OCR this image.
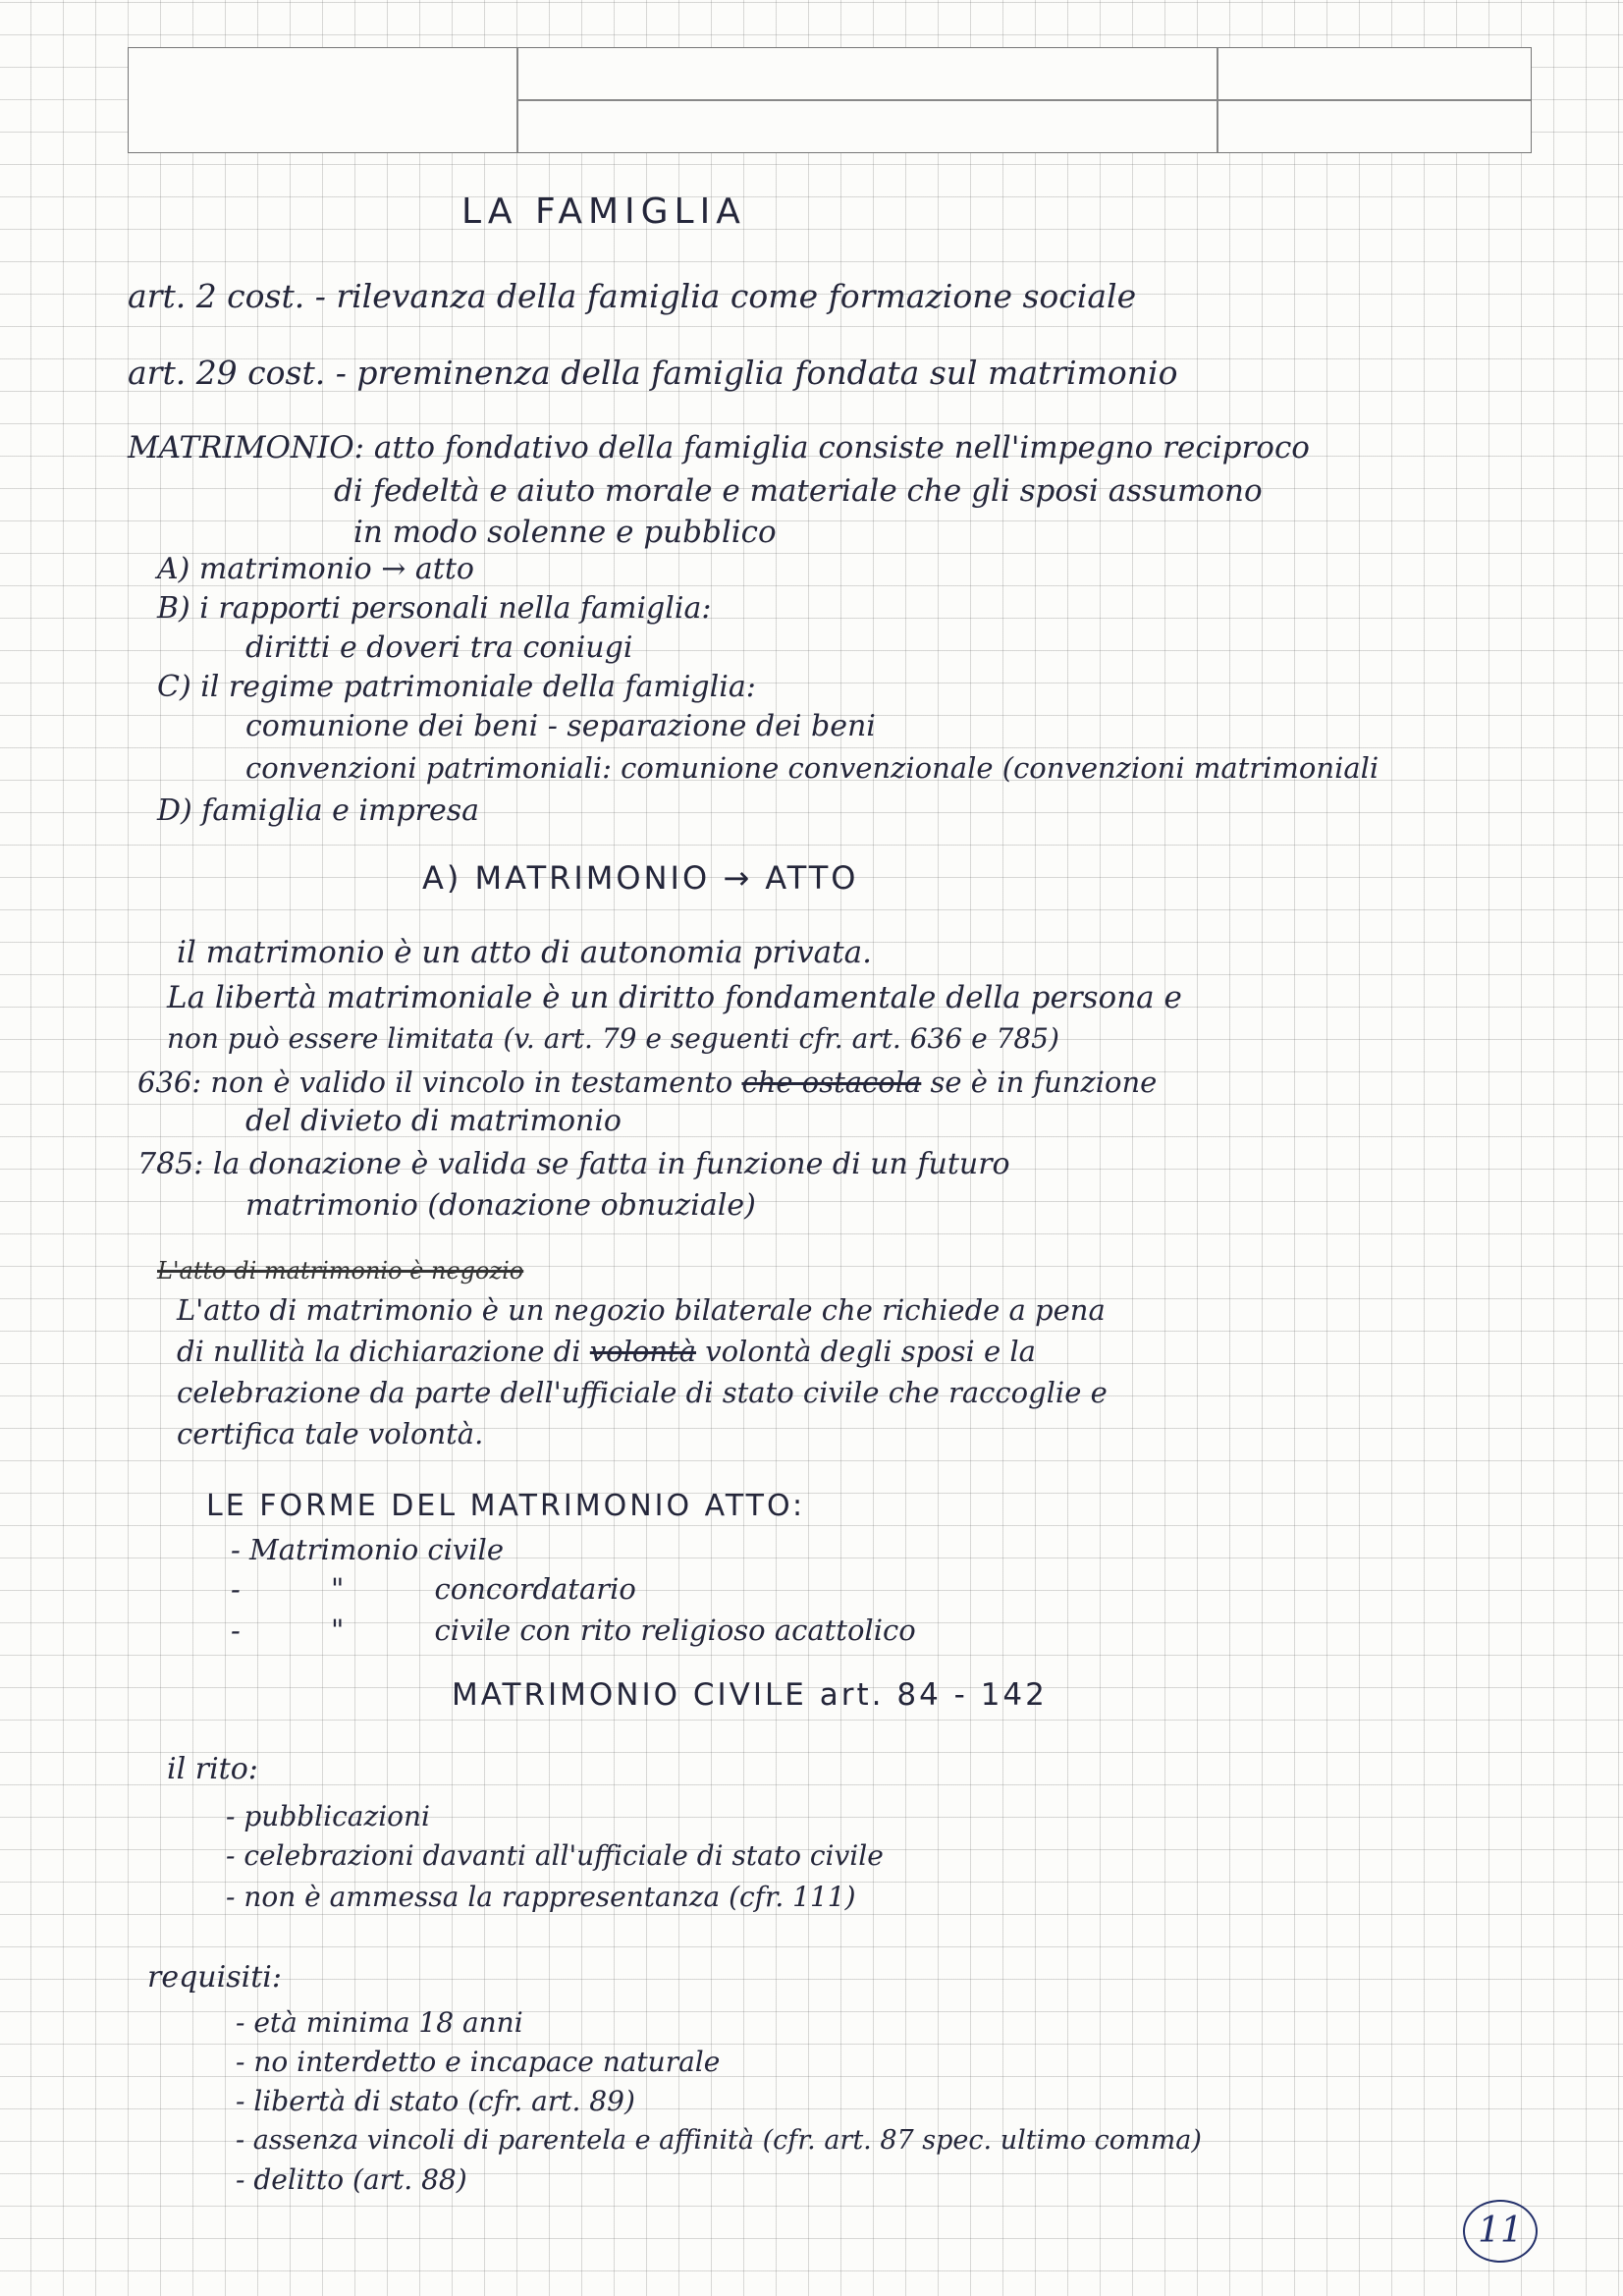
LA FAMIGLIA
art. 2 cost. - rilevanza della famiglia come formazione sociale
art. 29 cost. - preminenza della famiglia fondata sul matrimonio
MATRIMONIO: atto fondativo della famiglia consiste nell'impegno reciproco
di fedeltà e aiuto morale e materiale che gli sposi assumono
in modo solenne e pubblico
A) matrimonio → atto
B) i rapporti personali nella famiglia:
diritti e doveri tra coniugi
C) il regime patrimoniale della famiglia:
comunione dei beni - separazione dei beni
convenzioni patrimoniali: comunione convenzionale (convenzioni matrimoniali
D) famiglia e impresa
A) MATRIMONIO → ATTO
il matrimonio è un atto di autonomia privata.
La libertà matrimoniale è un diritto fondamentale della persona e
non può essere limitata (v. art. 79 e seguenti cfr. art. 636 e 785)
636: non è valido il vincolo in testamento che ostacola se è in funzione
del divieto di matrimonio
785: la donazione è valida se fatta in funzione di un futuro
matrimonio (donazione obnuziale)
L'atto di matrimonio è negozio
L'atto di matrimonio è un negozio bilaterale che richiede a pena
di nullità la dichiarazione di volontà volontà degli sposi e la
celebrazione da parte dell'ufficiale di stato civile che raccoglie e
certifica tale volontà.
LE FORME DEL MATRIMONIO ATTO:
- Matrimonio civile
-          "          concordatario
-          "          civile con rito religioso acattolico
MATRIMONIO CIVILE art. 84 - 142
il rito:
- pubblicazioni
- celebrazioni davanti all'ufficiale di stato civile
- non è ammessa la rappresentanza (cfr. 111)
requisiti:
- età minima 18 anni
- no interdetto e incapace naturale
- libertà di stato (cfr. art. 89)
- assenza vincoli di parentela e affinità (cfr. art. 87 spec. ultimo comma)
- delitto (art. 88)
11
